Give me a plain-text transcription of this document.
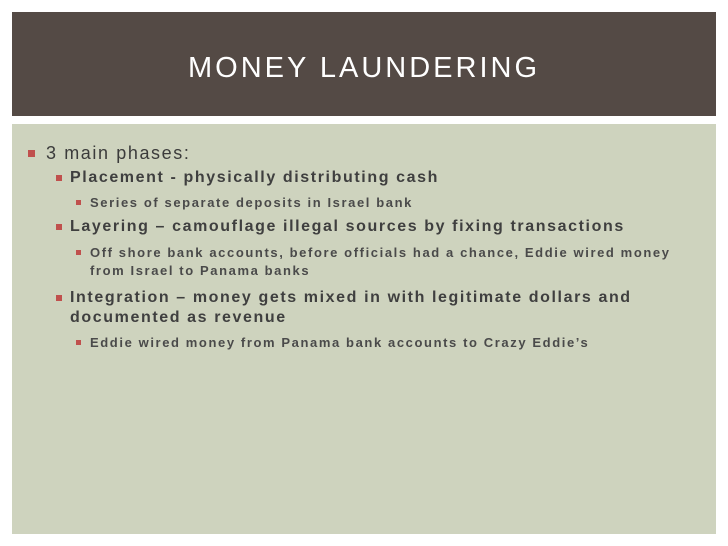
MONEY LAUNDERING
3 main phases:
Placement - physically distributing cash
Series of separate deposits in Israel bank
Layering – camouflage illegal sources by fixing transactions
Off shore bank accounts, before officials had a chance, Eddie wired money from Israel to Panama banks
Integration – money gets mixed in with legitimate dollars and documented as revenue
Eddie wired money from Panama bank accounts to Crazy Eddie’s
